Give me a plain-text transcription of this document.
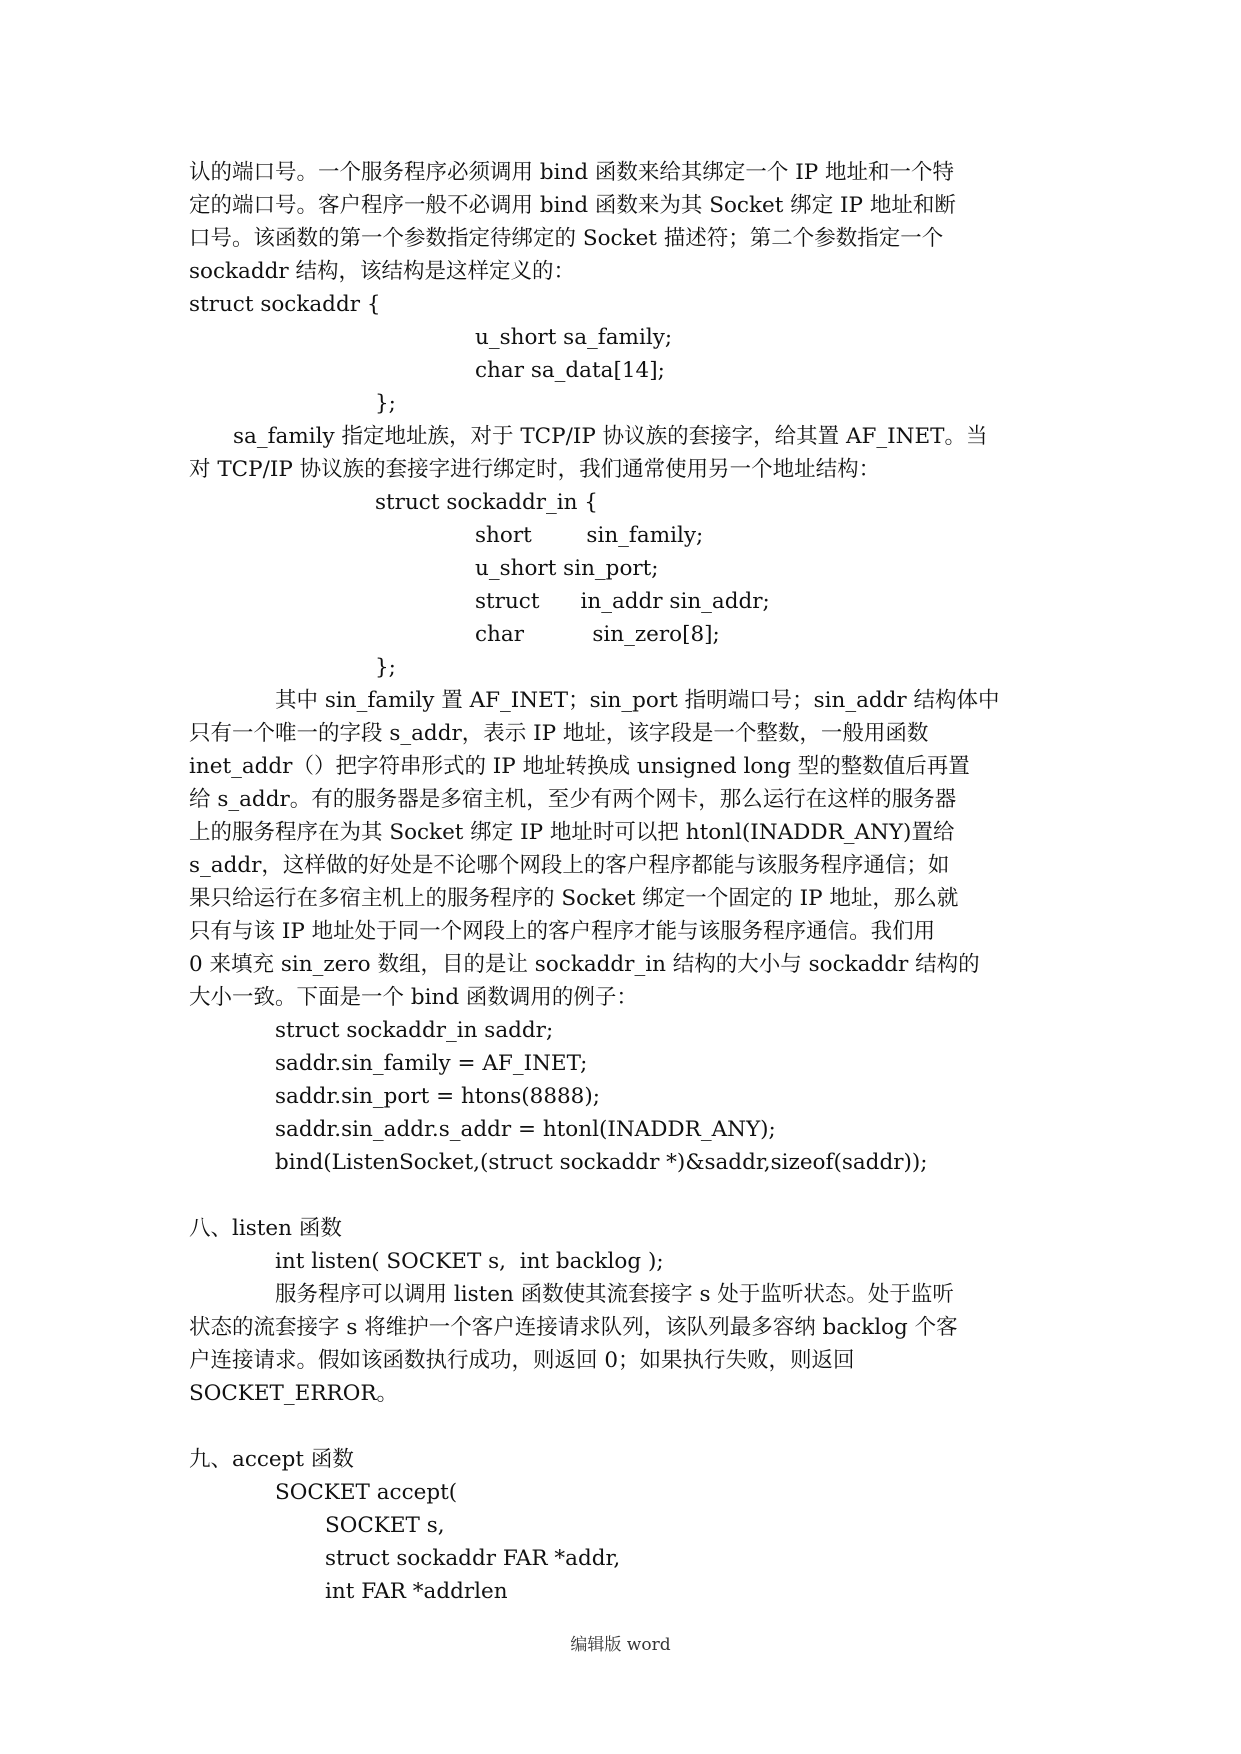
认的端口号。一个服务程序必须调用 bind 函数来给其绑定一个 IP 地址和一个特
定的端口号。客户程序一般不必调用 bind 函数来为其 Socket 绑定 IP 地址和断
口号。该函数的第一个参数指定待绑定的 Socket 描述符；第二个参数指定一个
sockaddr 结构，该结构是这样定义的：
struct sockaddr {
u_short sa_family;
char sa_data[14];
};
sa_family 指定地址族，对于 TCP/IP 协议族的套接字，给其置 AF_INET。当
对 TCP/IP 协议族的套接字进行绑定时，我们通常使用另一个地址结构：
struct sockaddr_in {
short        sin_family;
u_short sin_port;
struct      in_addr sin_addr;
char          sin_zero[8];
};
其中 sin_family 置 AF_INET；sin_port 指明端口号；sin_addr 结构体中
只有一个唯一的字段 s_addr，表示 IP 地址，该字段是一个整数，一般用函数
inet_addr（）把字符串形式的 IP 地址转换成 unsigned long 型的整数值后再置
给 s_addr。有的服务器是多宿主机，至少有两个网卡，那么运行在这样的服务器
上的服务程序在为其 Socket 绑定 IP 地址时可以把 htonl(INADDR_ANY)置给
s_addr，这样做的好处是不论哪个网段上的客户程序都能与该服务程序通信；如
果只给运行在多宿主机上的服务程序的 Socket 绑定一个固定的 IP 地址，那么就
只有与该 IP 地址处于同一个网段上的客户程序才能与该服务程序通信。我们用
0 来填充 sin_zero 数组，目的是让 sockaddr_in 结构的大小与 sockaddr 结构的
大小一致。下面是一个 bind 函数调用的例子：
struct sockaddr_in saddr;
saddr.sin_family = AF_INET;
saddr.sin_port = htons(8888);
saddr.sin_addr.s_addr = htonl(INADDR_ANY);
bind(ListenSocket,(struct sockaddr *)&saddr,sizeof(saddr));
八、listen 函数
int listen( SOCKET s,  int backlog );
服务程序可以调用 listen 函数使其流套接字 s 处于监听状态。处于监听
状态的流套接字 s 将维护一个客户连接请求队列，该队列最多容纳 backlog 个客
户连接请求。假如该函数执行成功，则返回 0；如果执行失败，则返回
SOCKET_ERROR。
九、accept 函数
SOCKET accept(
SOCKET s,
struct sockaddr FAR *addr,
int FAR *addrlen
编辑版 word
